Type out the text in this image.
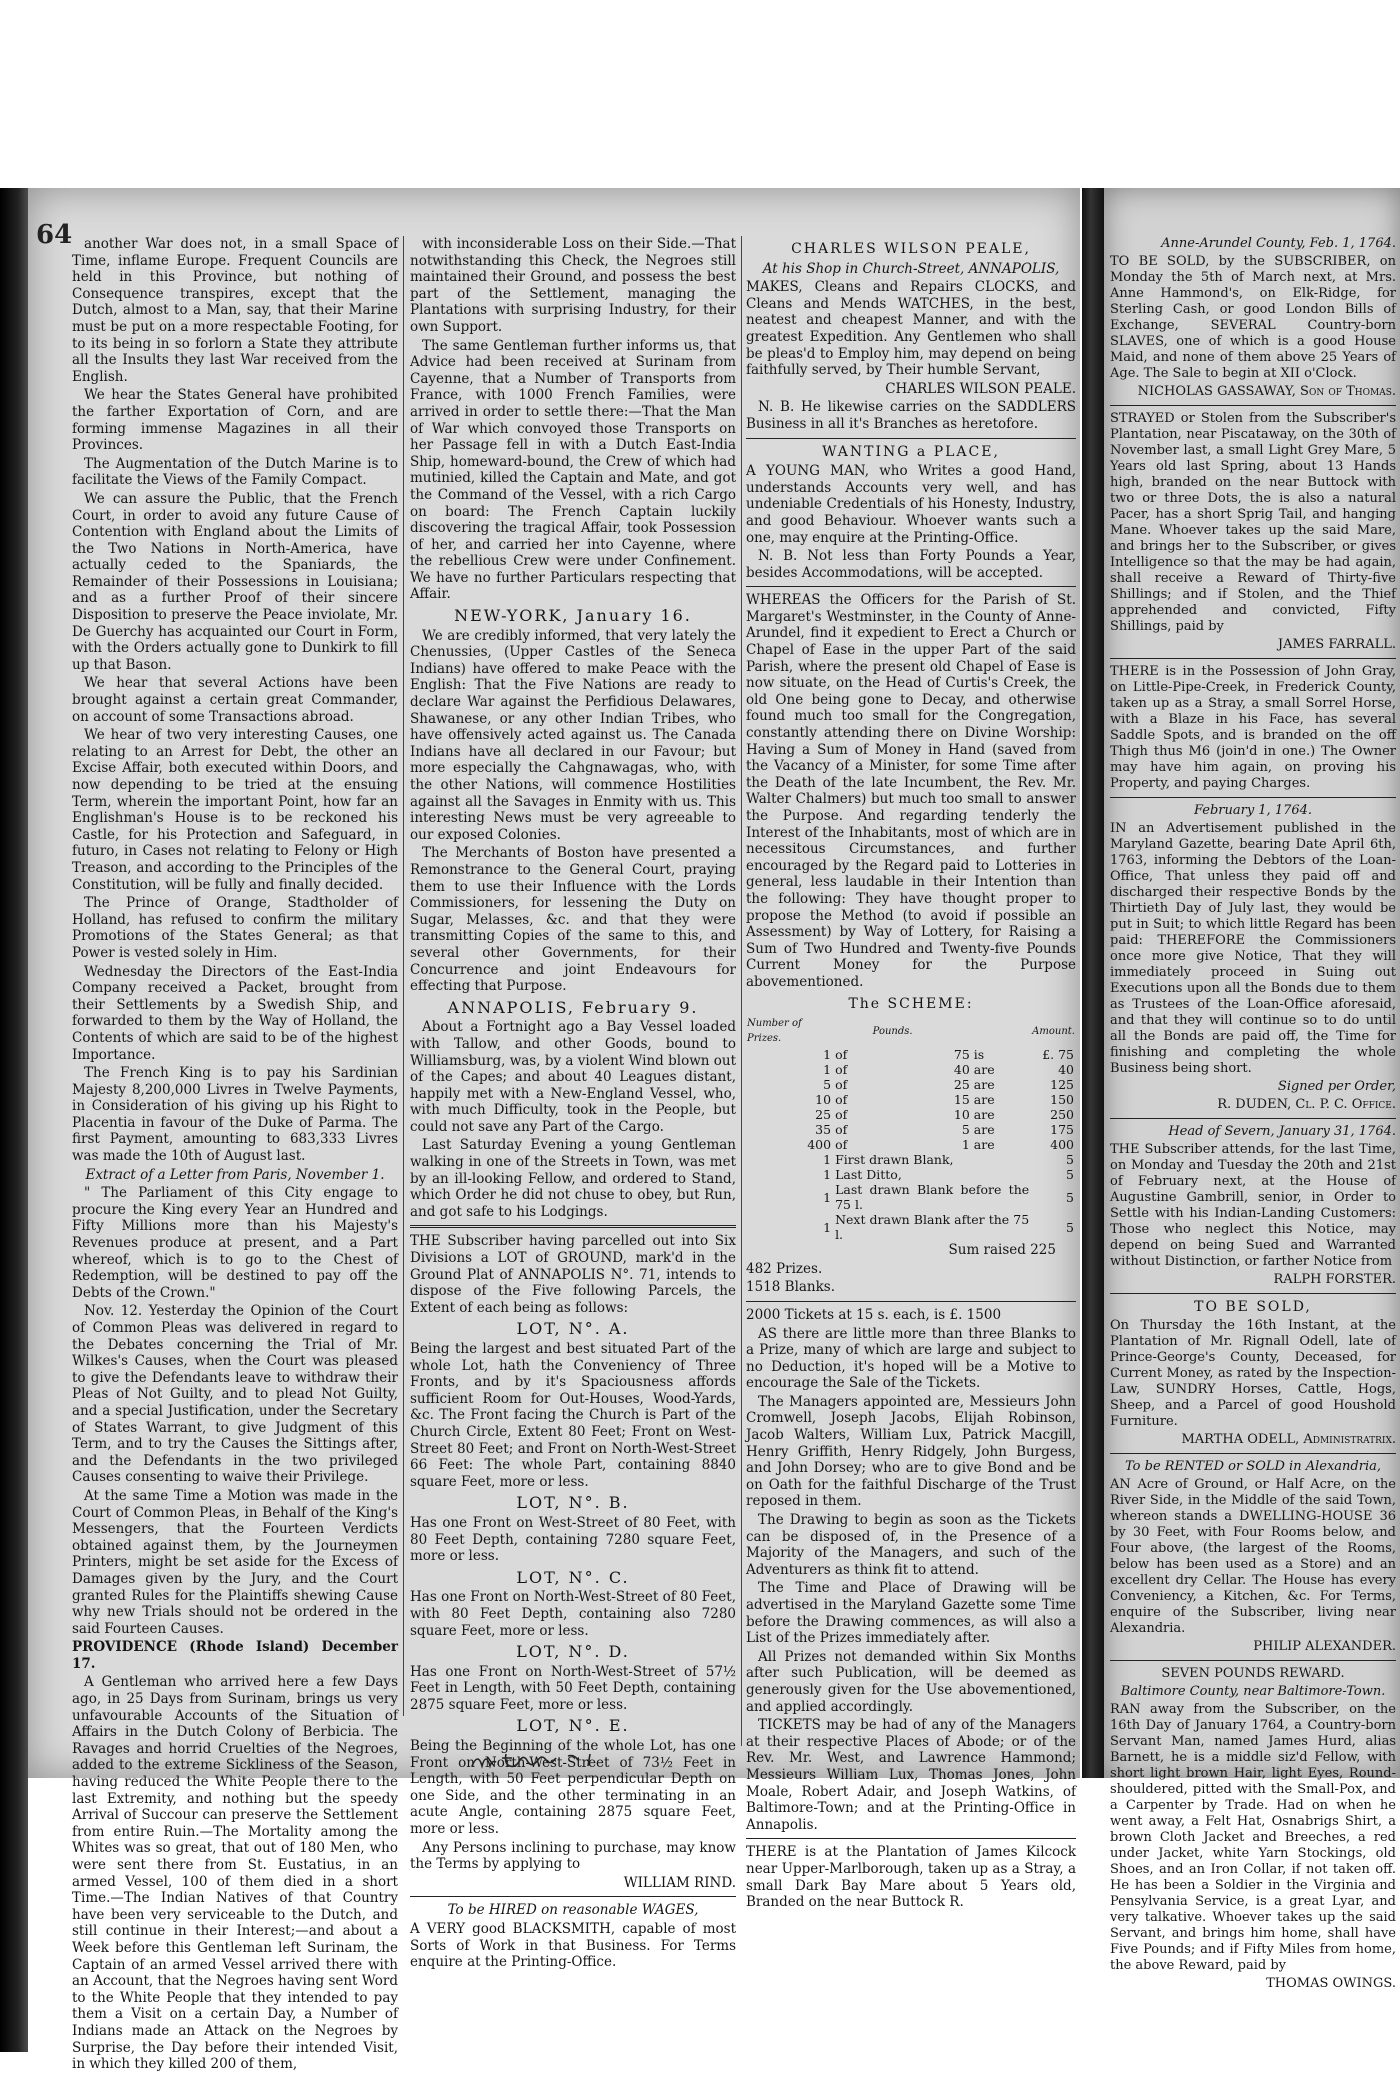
64 another War does not, in a small Space of Time, inflame Europe. Frequent Councils are held in this Province, but nothing of Consequence transpires, except that the Dutch, almost to a Man, say, that their Marine must be put on a more respectable Footing, for to its being in so forlorn a State they attribute all the Insults they last War received from the English.

We hear the States General have prohibited the farther Exportation of Corn, and are forming immense Magazines in all their Provinces.

The Augmentation of the Dutch Marine is to facilitate the Views of the Family Compact.

We can assure the Public, that the French Court, in order to avoid any future Cause of Contention with England about the Limits of the Two Nations in North-America, have actually ceded to the Spaniards, the Remainder of their Possessions in Louisiana; and as a further Proof of their sincere Disposition to preserve the Peace inviolate, Mr. De Guerchy has acquainted our Court in Form, with the Orders actually gone to Dunkirk to fill up that Bason.

We hear that several Actions have been brought against a certain great Commander, on account of some Transactions abroad.

We hear of two very interesting Causes, one relating to an Arrest for Debt, the other an Excise Affair, both executed within Doors, and now depending to be tried at the ensuing Term, wherein the important Point, how far an Englishman's House is to be reckoned his Castle, for his Protection and Safeguard, in futuro, in Cases not relating to Felony or High Treason, and according to the Principles of the Constitution, will be fully and finally decided.

The Prince of Orange, Stadtholder of Holland, has refused to confirm the military Promotions of the States General; as that Power is vested solely in Him.

Wednesday the Directors of the East-India Company received a Packet, brought from their Settlements by a Swedish Ship, and forwarded to them by the Way of Holland, the Contents of which are said to be of the highest Importance.

The French King is to pay his Sardinian Majesty 8,200,000 Livres in Twelve Payments, in Consideration of his giving up his Right to Placentia in favour of the Duke of Parma. The first Payment, amounting to 683,333 Livres was made the 10th of August last.

Extract of a Letter from Paris, November 1.

" The Parliament of this City engage to procure the King every Year an Hundred and Fifty Millions more than his Majesty's Revenues produce at present, and a Part whereof, which is to go to the Chest of Redemption, will be destined to pay off the Debts of the Crown."

Nov. 12. Yesterday the Opinion of the Court of Common Pleas was delivered in regard to the Debates concerning the Trial of Mr. Wilkes's Causes, when the Court was pleased to give the Defendants leave to withdraw their Pleas of Not Guilty, and to plead Not Guilty, and a special Justification, under the Secretary of States Warrant, to give Judgment of this Term, and to try the Causes the Sittings after, and the Defendants in the two privileged Causes consenting to waive their Privilege.

At the same Time a Motion was made in the Court of Common Pleas, in Behalf of the King's Messengers, that the Fourteen Verdicts obtained against them, by the Journeymen Printers, might be set aside for the Excess of Damages given by the Jury, and the Court granted Rules for the Plaintiffs shewing Cause why new Trials should not be ordered in the said Fourteen Causes.

PROVIDENCE (Rhode Island) December 17.

A Gentleman who arrived here a few Days ago, in 25 Days from Surinam, brings us very unfavourable Accounts of the Situation of Affairs in the Dutch Colony of Berbicia. The Ravages and horrid Cruelties of the Negroes, added to the extreme Sickliness of the Season, having reduced the White People there to the last Extremity, and nothing but the speedy Arrival of Succour can preserve the Settlement from entire Ruin.—The Mortality among the Whites was so great, that out of 180 Men, who were sent there from St. Eustatius, in an armed Vessel, 100 of them died in a short Time.—The Indian Natives of that Country have been very serviceable to the Dutch, and still continue in their Interest;—and about a Week before this Gentleman left Surinam, the Captain of an armed Vessel arrived there with an Account, that the Negroes having sent Word to the White People that they intended to pay them a Visit on a certain Day, a Number of Indians made an Attack on the Negroes by Surprise, the Day before their intended Visit, in which they killed 200 of them,

with inconsiderable Loss on their Side.—That notwithstanding this Check, the Negroes still maintained their Ground, and possess the best part of the Settlement, managing the Plantations with surprising Industry, for their own Support.

The same Gentleman further informs us, that Advice had been received at Surinam from Cayenne, that a Number of Transports from France, with 1000 French Families, were arrived in order to settle there:—That the Man of War which convoyed those Transports on her Passage fell in with a Dutch East-India Ship, homeward-bound, the Crew of which had mutinied, killed the Captain and Mate, and got the Command of the Vessel, with a rich Cargo on board: The French Captain luckily discovering the tragical Affair, took Possession of her, and carried her into Cayenne, where the rebellious Crew were under Confinement. We have no further Particulars respecting that Affair.

NEW-YORK, January 16.

We are credibly informed, that very lately the Chenussies, (Upper Castles of the Seneca Indians) have offered to make Peace with the English: That the Five Nations are ready to declare War against the Perfidious Delawares, Shawanese, or any other Indian Tribes, who have offensively acted against us. The Canada Indians have all declared in our Favour; but more especially the Cahgnawagas, who, with the other Nations, will commence Hostilities against all the Savages in Enmity with us. This interesting News must be very agreeable to our exposed Colonies.

The Merchants of Boston have presented a Remonstrance to the General Court, praying them to use their Influence with the Lords Commissioners, for lessening the Duty on Sugar, Melasses, &c. and that they were transmitting Copies of the same to this, and several other Governments, for their Concurrence and joint Endeavours for effecting that Purpose.

ANNAPOLIS, February 9.

About a Fortnight ago a Bay Vessel loaded with Tallow, and other Goods, bound to Williamsburg, was, by a violent Wind blown out of the Capes; and about 40 Leagues distant, happily met with a New-England Vessel, who, with much Difficulty, took in the People, but could not save any Part of the Cargo.

Last Saturday Evening a young Gentleman walking in one of the Streets in Town, was met by an ill-looking Fellow, and ordered to Stand, which Order he did not chuse to obey, but Run, and got safe to his Lodgings.

THE Subscriber having parcelled out into Six Divisions a LOT of GROUND, mark'd in the Ground Plat of ANNAPOLIS N°. 71, intends to dispose of the Five following Parcels, the Extent of each being as follows:

LOT, N°. A.

Being the largest and best situated Part of the whole Lot, hath the Conveniency of Three Fronts, and by it's Spaciousness affords sufficient Room for Out-Houses, Wood-Yards, &c. The Front facing the Church is Part of the Church Circle, Extent 80 Feet; Front on West-Street 80 Feet; and Front on North-West-Street 66 Feet: The whole Part, containing 8840 square Feet, more or less.

LOT, N°. B.

Has one Front on West-Street of 80 Feet, with 80 Feet Depth, containing 7280 square Feet, more or less.

LOT, N°. C.

Has one Front on North-West-Street of 80 Feet, with 80 Feet Depth, containing also 7280 square Feet, more or less.

LOT, N°. D.

Has one Front on North-West-Street of 57½ Feet in Length, with 50 Feet Depth, containing 2875 square Feet, more or less.

LOT, N°. E.

Being the Beginning of the whole Lot, has one Front on North-West-Street of 73½ Feet in Length, with 50 Feet perpendicular Depth on one Side, and the other terminating in an acute Angle, containing 2875 square Feet, more or less.

Any Persons inclining to purchase, may know the Terms by applying to

WILLIAM RIND.

To be HIRED on reasonable WAGES,

A VERY good BLACKSMITH, capable of most Sorts of Work in that Business. For Terms enquire at the Printing-Office.

CHARLES WILSON PEALE,

At his Shop in Church-Street, ANNAPOLIS,

MAKES, Cleans and Repairs CLOCKS, and Cleans and Mends WATCHES, in the best, neatest and cheapest Manner, and with the greatest Expedition. Any Gentlemen who shall be pleas'd to Employ him, may depend on being faithfully served, by Their humble Servant,

CHARLES WILSON PEALE.

N. B. He likewise carries on the SADDLERS Business in all it's Branches as heretofore.

WANTING a PLACE,

A YOUNG MAN, who Writes a good Hand, understands Accounts very well, and has undeniable Credentials of his Honesty, Industry, and good Behaviour. Whoever wants such a one, may enquire at the Printing-Office.

N. B. Not less than Forty Pounds a Year, besides Accommodations, will be accepted.

WHEREAS the Officers for the Parish of St. Margaret's Westminster, in the County of Anne-Arundel, find it expedient to Erect a Church or Chapel of Ease in the upper Part of the said Parish, where the present old Chapel of Ease is now situate, on the Head of Curtis's Creek, the old One being gone to Decay, and otherwise found much too small for the Congregation, constantly attending there on Divine Worship: Having a Sum of Money in Hand (saved from the Vacancy of a Minister, for some Time after the Death of the late Incumbent, the Rev. Mr. Walter Chalmers) but much too small to answer the Purpose. And regarding tenderly the Interest of the Inhabitants, most of which are in necessitous Circumstances, and further encouraged by the Regard paid to Lotteries in general, less laudable in their Intention than the following: They have thought proper to propose the Method (to avoid if possible an Assessment) by Way of Lottery, for Raising a Sum of Two Hundred and Twenty-five Pounds Current Money for the Purpose abovementioned.

The SCHEME:

Number of Prizes.		Pounds.		Amount.
1	of	75	is	£. 75
1	of	40	are	40
5	of	25	are	125
10	of	15	are	150
25	of	10	are	250
35	of	5	are	175
400	of	1	are	400
1	First drawn Blank,			5
1	Last Ditto,			5
1	Last drawn Blank before the 75 l.			5
1	Next drawn Blank after the 75 l.			5

Sum raised 225

482 Prizes.

1518 Blanks.

2000 Tickets at 15 s. each, is £. 1500

AS there are little more than three Blanks to a Prize, many of which are large and subject to no Deduction, it's hoped will be a Motive to encourage the Sale of the Tickets.

The Managers appointed are, Messieurs John Cromwell, Joseph Jacobs, Elijah Robinson, Jacob Walters, William Lux, Patrick Macgill, Henry Griffith, Henry Ridgely, John Burgess, and John Dorsey; who are to give Bond and be on Oath for the faithful Discharge of the Trust reposed in them.

The Drawing to begin as soon as the Tickets can be disposed of, in the Presence of a Majority of the Managers, and such of the Adventurers as think fit to attend.

The Time and Place of Drawing will be advertised in the Maryland Gazette some Time before the Drawing commences, as will also a List of the Prizes immediately after.

All Prizes not demanded within Six Months after such Publication, will be deemed as generously given for the Use abovementioned, and applied accordingly.

TICKETS may be had of any of the Managers at their respective Places of Abode; or of the Rev. Mr. West, and Lawrence Hammond; Messieurs William Lux, Thomas Jones, John Moale, Robert Adair, and Joseph Watkins, of Baltimore-Town; and at the Printing-Office in Annapolis.

THERE is at the Plantation of James Kilcock near Upper-Marlborough, taken up as a Stray, a small Dark Bay Mare about 5 Years old, Branded on the near Buttock R.

Anne-Arundel County, Feb. 1, 1764.

TO BE SOLD, by the SUBSCRIBER, on Monday the 5th of March next, at Mrs. Anne Hammond's, on Elk-Ridge, for Sterling Cash, or good London Bills of Exchange, SEVERAL Country-born SLAVES, one of which is a good House Maid, and none of them above 25 Years of Age. The Sale to begin at XII o'Clock.

NICHOLAS GASSAWAY, Son of Thomas.

STRAYED or Stolen from the Subscriber's Plantation, near Piscataway, on the 30th of November last, a small Light Grey Mare, 5 Years old last Spring, about 13 Hands high, branded on the near Buttock with two or three Dots, the is also a natural Pacer, has a short Sprig Tail, and hanging Mane. Whoever takes up the said Mare, and brings her to the Subscriber, or gives Intelligence so that the may be had again, shall receive a Reward of Thirty-five Shillings; and if Stolen, and the Thief apprehended and convicted, Fifty Shillings, paid by

JAMES FARRALL.

THERE is in the Possession of John Gray, on Little-Pipe-Creek, in Frederick County, taken up as a Stray, a small Sorrel Horse, with a Blaze in his Face, has several Saddle Spots, and is branded on the off Thigh thus M6 (join'd in one.) The Owner may have him again, on proving his Property, and paying Charges.

February 1, 1764.

IN an Advertisement published in the Maryland Gazette, bearing Date April 6th, 1763, informing the Debtors of the Loan-Office, That unless they paid off and discharged their respective Bonds by the Thirtieth Day of July last, they would be put in Suit; to which little Regard has been paid: THEREFORE the Commissioners once more give Notice, That they will immediately proceed in Suing out Executions upon all the Bonds due to them as Trustees of the Loan-Office aforesaid, and that they will continue so to do until all the Bonds are paid off, the Time for finishing and completing the whole Business being short.

Signed per Order,

R. DUDEN, Cl. P. C. Office.

Head of Severn, January 31, 1764.

THE Subscriber attends, for the last Time, on Monday and Tuesday the 20th and 21st of February next, at the House of Augustine Gambrill, senior, in Order to Settle with his Indian-Landing Customers: Those who neglect this Notice, may depend on being Sued and Warranted without Distinction, or farther Notice from

RALPH FORSTER.

TO BE SOLD,

On Thursday the 16th Instant, at the Plantation of Mr. Rignall Odell, late of Prince-George's County, Deceased, for Current Money, as rated by the Inspection-Law, SUNDRY Horses, Cattle, Hogs, Sheep, and a Parcel of good Houshold Furniture.

MARTHA ODELL, Administratrix.

To be RENTED or SOLD in Alexandria,

AN Acre of Ground, or Half Acre, on the River Side, in the Middle of the said Town, whereon stands a DWELLING-HOUSE 36 by 30 Feet, with Four Rooms below, and Four above, (the largest of the Rooms, below has been used as a Store) and an excellent dry Cellar. The House has every Conveniency, a Kitchen, &c. For Terms, enquire of the Subscriber, living near Alexandria.

PHILIP ALEXANDER.

SEVEN POUNDS REWARD.

Baltimore County, near Baltimore-Town.

RAN away from the Subscriber, on the 16th Day of January 1764, a Country-born Servant Man, named James Hurd, alias Barnett, he is a middle siz'd Fellow, with short light brown Hair, light Eyes, Round-shouldered, pitted with the Small-Pox, and a Carpenter by Trade. Had on when he went away, a Felt Hat, Osnabrigs Shirt, a brown Cloth Jacket and Breeches, a red under Jacket, white Yarn Stockings, old Shoes, and an Iron Collar, if not taken off. He has been a Soldier in the Virginia and Pensylvania Service, is a great Lyar, and very talkative. Whoever takes up the said Servant, and brings him home, shall have Five Pounds; and if Fifty Miles from home, the above Reward, paid by

THOMAS OWINGS.
